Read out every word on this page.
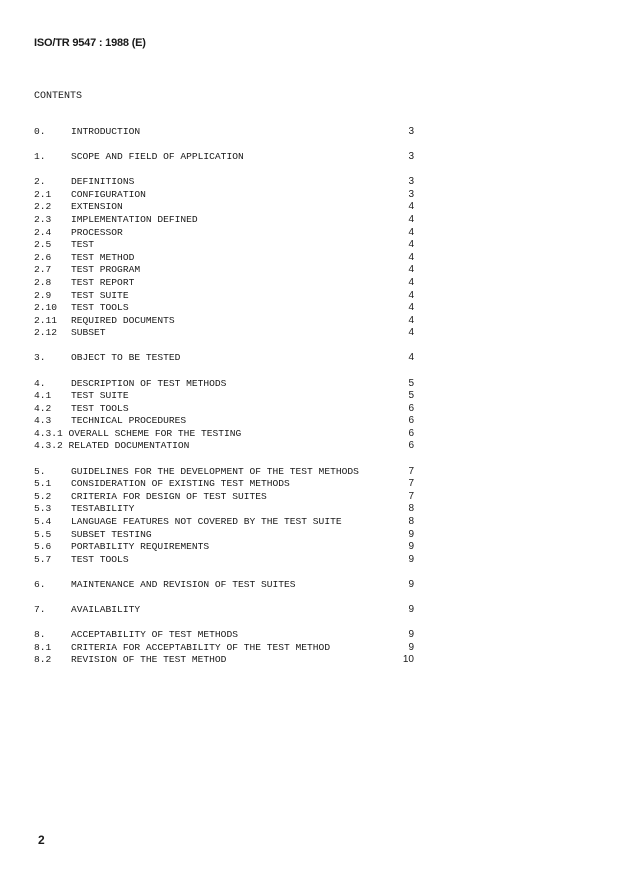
ISO/TR 9547 : 1988 (E)
CONTENTS
0.	INTRODUCTION	3
1.	SCOPE AND FIELD OF APPLICATION	3
2.	DEFINITIONS	3
2.1 CONFIGURATION	3
2.2 EXTENSION	4
2.3 IMPLEMENTATION DEFINED	4
2.4 PROCESSOR	4
2.5 TEST	4
2.6 TEST METHOD	4
2.7 TEST PROGRAM	4
2.8 TEST REPORT	4
2.9 TEST SUITE	4
2.10 TEST TOOLS	4
2.11 REQUIRED DOCUMENTS	4
2.12 SUBSET	4
3.	OBJECT TO BE TESTED	4
4.	DESCRIPTION OF TEST METHODS	5
4.1 TEST SUITE	5
4.2 TEST TOOLS	6
4.3 TECHNICAL PROCEDURES	6
4.3.1 OVERALL SCHEME FOR THE TESTING	6
4.3.2 RELATED DOCUMENTATION	6
5.	GUIDELINES FOR THE DEVELOPMENT OF THE TEST METHODS	7
5.1 CONSIDERATION OF EXISTING TEST METHODS	7
5.2 CRITERIA FOR DESIGN OF TEST SUITES	7
5.3 TESTABILITY	8
5.4 LANGUAGE FEATURES NOT COVERED BY THE TEST SUITE	8
5.5 SUBSET TESTING	9
5.6 PORTABILITY REQUIREMENTS	9
5.7 TEST TOOLS	9
6.	MAINTENANCE AND REVISION OF TEST SUITES	9
7.	AVAILABILITY	9
8.	ACCEPTABILITY OF TEST METHODS	9
8.1 CRITERIA FOR ACCEPTABILITY OF THE TEST METHOD	9
8.2 REVISION OF THE TEST METHOD	10
2
